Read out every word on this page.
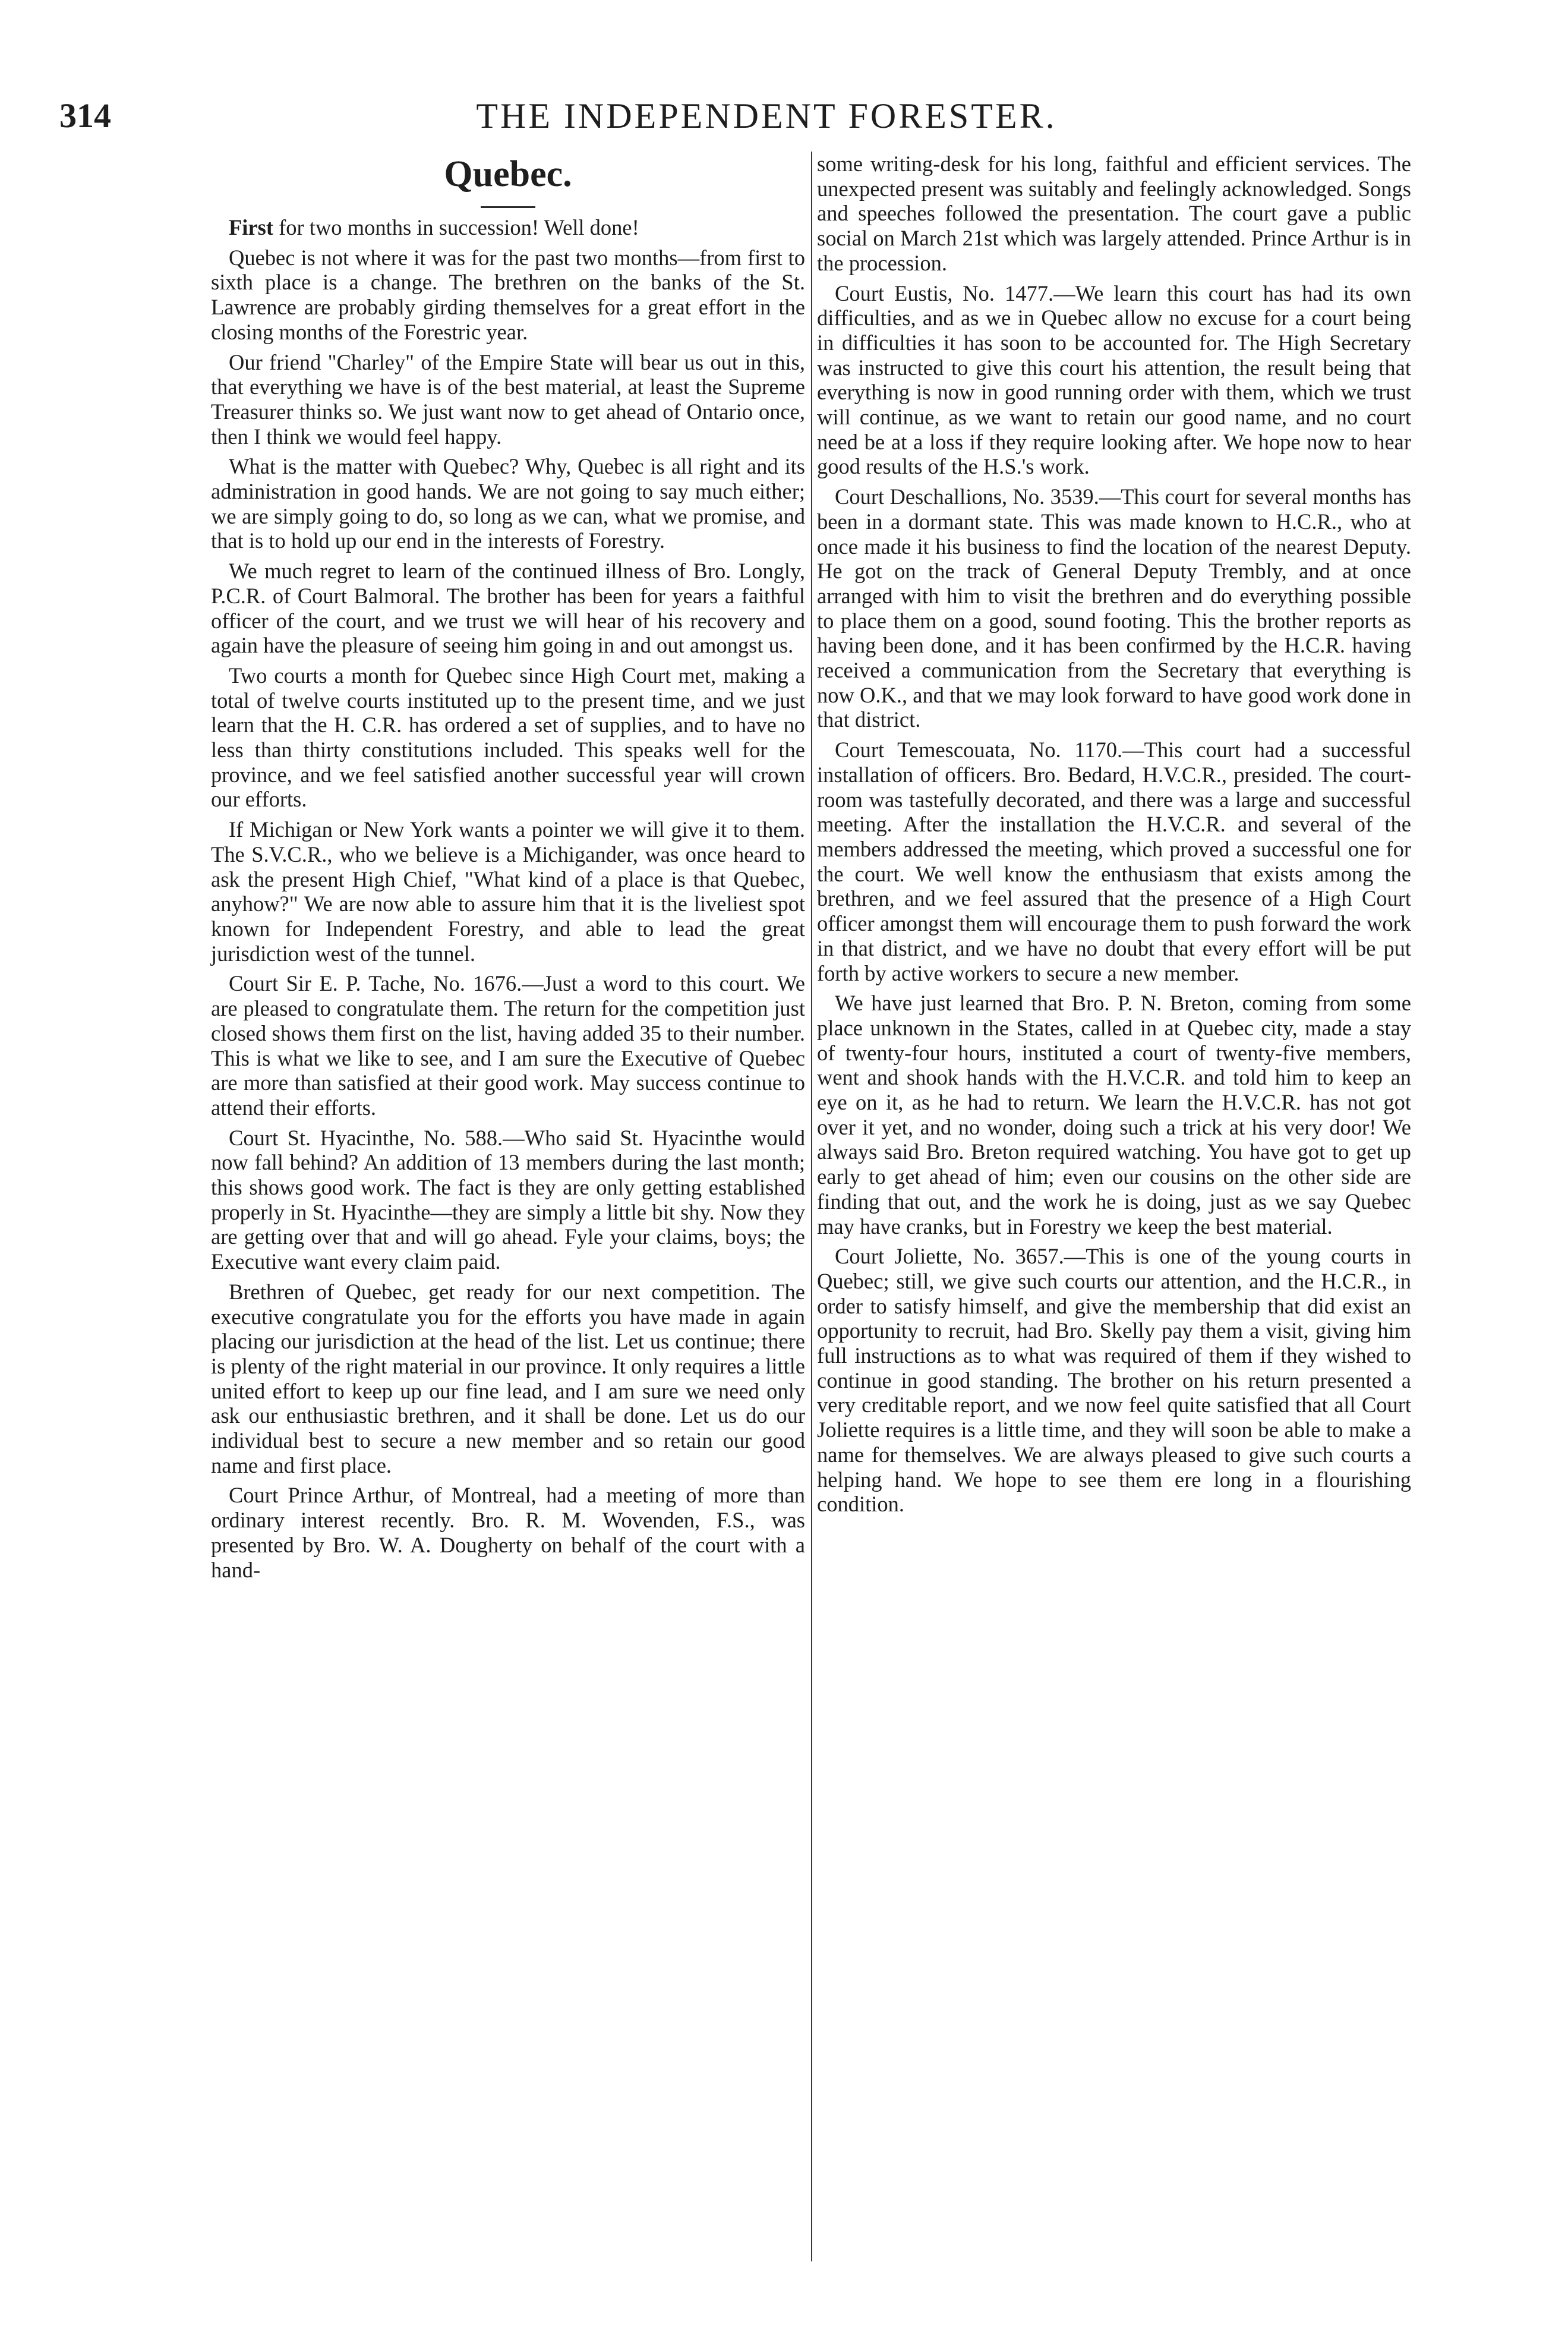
314	THE INDEPENDENT FORESTER.
Quebec.

First for two months in succession! Well done!

Quebec is not where it was for the past two months—from first to sixth place is a change. The brethren on the banks of the St. Lawrence are probably girding themselves for a great effort in the closing months of the Forestric year.

Our friend "Charley" of the Empire State will bear us out in this, that everything we have is of the best material, at least the Supreme Treasurer thinks so. We just want now to get ahead of Ontario once, then I think we would feel happy.

What is the matter with Quebec? Why, Quebec is all right and its administration in good hands. We are not going to say much either; we are simply going to do, so long as we can, what we promise, and that is to hold up our end in the interests of Forestry.

We much regret to learn of the continued illness of Bro. Longly, P.C.R. of Court Balmoral. The brother has been for years a faithful officer of the court, and we trust we will hear of his recovery and again have the pleasure of seeing him going in and out amongst us.

Two courts a month for Quebec since High Court met, making a total of twelve courts instituted up to the present time, and we just learn that the H. C.R. has ordered a set of supplies, and to have no less than thirty constitutions included. This speaks well for the province, and we feel satisfied another successful year will crown our efforts.

If Michigan or New York wants a pointer we will give it to them. The S.V.C.R., who we believe is a Michigander, was once heard to ask the present High Chief, "What kind of a place is that Quebec, anyhow?" We are now able to assure him that it is the liveliest spot known for Independent Forestry, and able to lead the great jurisdiction west of the tunnel.

Court Sir E. P. Tache, No. 1676.—Just a word to this court. We are pleased to congratulate them. The return for the competition just closed shows them first on the list, having added 35 to their number. This is what we like to see, and I am sure the Executive of Quebec are more than satisfied at their good work. May success continue to attend their efforts.

Court St. Hyacinthe, No. 588.—Who said St. Hyacinthe would now fall behind? An addition of 13 members during the last month; this shows good work. The fact is they are only getting established properly in St. Hyacinthe—they are simply a little bit shy. Now they are getting over that and will go ahead. Fyle your claims, boys; the Executive want every claim paid.

Brethren of Quebec, get ready for our next competition. The executive congratulate you for the efforts you have made in again placing our jurisdiction at the head of the list. Let us continue; there is plenty of the right material in our province. It only requires a little united effort to keep up our fine lead, and I am sure we need only ask our enthusiastic brethren, and it shall be done. Let us do our individual best to secure a new member and so retain our good name and first place.

Court Prince Arthur, of Montreal, had a meeting of more than ordinary interest recently. Bro. R. M. Wovenden, F.S., was presented by Bro. W. A. Dougherty on behalf of the court with a hand-

some writing-desk for his long, faithful and efficient services. The unexpected present was suitably and feelingly acknowledged. Songs and speeches followed the presentation. The court gave a public social on March 21st which was largely attended. Prince Arthur is in the procession.

Court Eustis, No. 1477.—We learn this court has had its own difficulties, and as we in Quebec allow no excuse for a court being in difficulties it has soon to be accounted for. The High Secretary was instructed to give this court his attention, the result being that everything is now in good running order with them, which we trust will continue, as we want to retain our good name, and no court need be at a loss if they require looking after. We hope now to hear good results of the H.S.'s work.

Court Deschallions, No. 3539.—This court for several months has been in a dormant state. This was made known to H.C.R., who at once made it his business to find the location of the nearest Deputy. He got on the track of General Deputy Trembly, and at once arranged with him to visit the brethren and do everything possible to place them on a good, sound footing. This the brother reports as having been done, and it has been confirmed by the H.C.R. having received a communication from the Secretary that everything is now O.K., and that we may look forward to have good work done in that district.

Court Temescouata, No. 1170.—This court had a successful installation of officers. Bro. Bedard, H.V.C.R., presided. The court-room was tastefully decorated, and there was a large and successful meeting. After the installation the H.V.C.R. and several of the members addressed the meeting, which proved a successful one for the court. We well know the enthusiasm that exists among the brethren, and we feel assured that the presence of a High Court officer amongst them will encourage them to push forward the work in that district, and we have no doubt that every effort will be put forth by active workers to secure a new member.

We have just learned that Bro. P. N. Breton, coming from some place unknown in the States, called in at Quebec city, made a stay of twenty-four hours, instituted a court of twenty-five members, went and shook hands with the H.V.C.R. and told him to keep an eye on it, as he had to return. We learn the H.V.C.R. has not got over it yet, and no wonder, doing such a trick at his very door! We always said Bro. Breton required watching. You have got to get up early to get ahead of him; even our cousins on the other side are finding that out, and the work he is doing, just as we say Quebec may have cranks, but in Forestry we keep the best material.

Court Joliette, No. 3657.—This is one of the young courts in Quebec; still, we give such courts our attention, and the H.C.R., in order to satisfy himself, and give the membership that did exist an opportunity to recruit, had Bro. Skelly pay them a visit, giving him full instructions as to what was required of them if they wished to continue in good standing. The brother on his return presented a very creditable report, and we now feel quite satisfied that all Court Joliette requires is a little time, and they will soon be able to make a name for themselves. We are always pleased to give such courts a helping hand. We hope to see them ere long in a flourishing condition.
